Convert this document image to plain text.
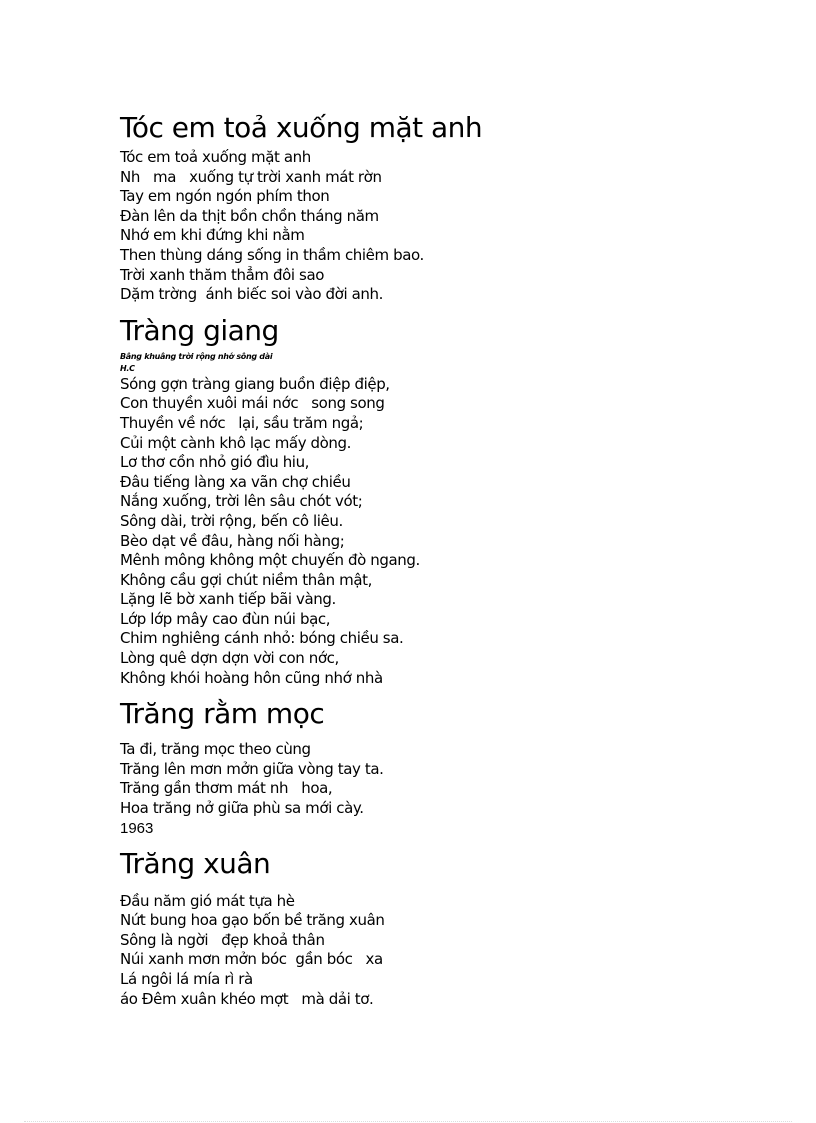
Tóc em toả xuống mặt anh
Tóc em toả xuống mặt anh
Nh   ma   xuống tự trời xanh mát rờn
Tay em ngón ngón phím thon
Đàn lên da thịt bồn chồn tháng năm
Nhớ em khi đứng khi nằm
Then thùng dáng sống in thầm chiêm bao.
Trời xanh thăm thẳm đôi sao
Dặm trờng  ánh biếc soi vào đời anh.
Tràng giang

Bâng khuâng trời rộng nhớ sông dài

H.C

Sóng gợn tràng giang buồn điệp điệp,
Con thuyền xuôi mái nớc   song song
Thuyền về nớc   lại, sầu trăm ngả;
Củi một cành khô lạc mấy dòng.
Lơ thơ cồn nhỏ gió đìu hiu,
Đâu tiếng làng xa vãn chợ chiều
Nắng xuống, trời lên sâu chót vót;
Sông dài, trời rộng, bến cô liêu.
Bèo dạt về đâu, hàng nối hàng;
Mênh mông không một chuyến đò ngang.
Không cầu gợi chút niềm thân mật,
Lặng lẽ bờ xanh tiếp bãi vàng.
Lớp lớp mây cao đùn núi bạc,
Chim nghiêng cánh nhỏ: bóng chiều sa.
Lòng quê dợn dợn vời con nớc,
Không khói hoàng hôn cũng nhớ nhà
Trăng rằm mọc
Ta đi, trăng mọc theo cùng
Trăng lên mơn mởn giữa vòng tay ta.
Trăng gần thơm mát nh   hoa,
Hoa trăng nở giữa phù sa mới cày.
1963
Trăng xuân
Đầu năm gió mát tựa hè
Nứt bung hoa gạo bốn bề trăng xuân
Sông là ngời   đẹp khoả thân
Núi xanh mơn mởn bóc  gần bóc   xa
Lá ngôi lá mía rì rà
áo Đêm xuân khéo mợt   mà dải tơ.
